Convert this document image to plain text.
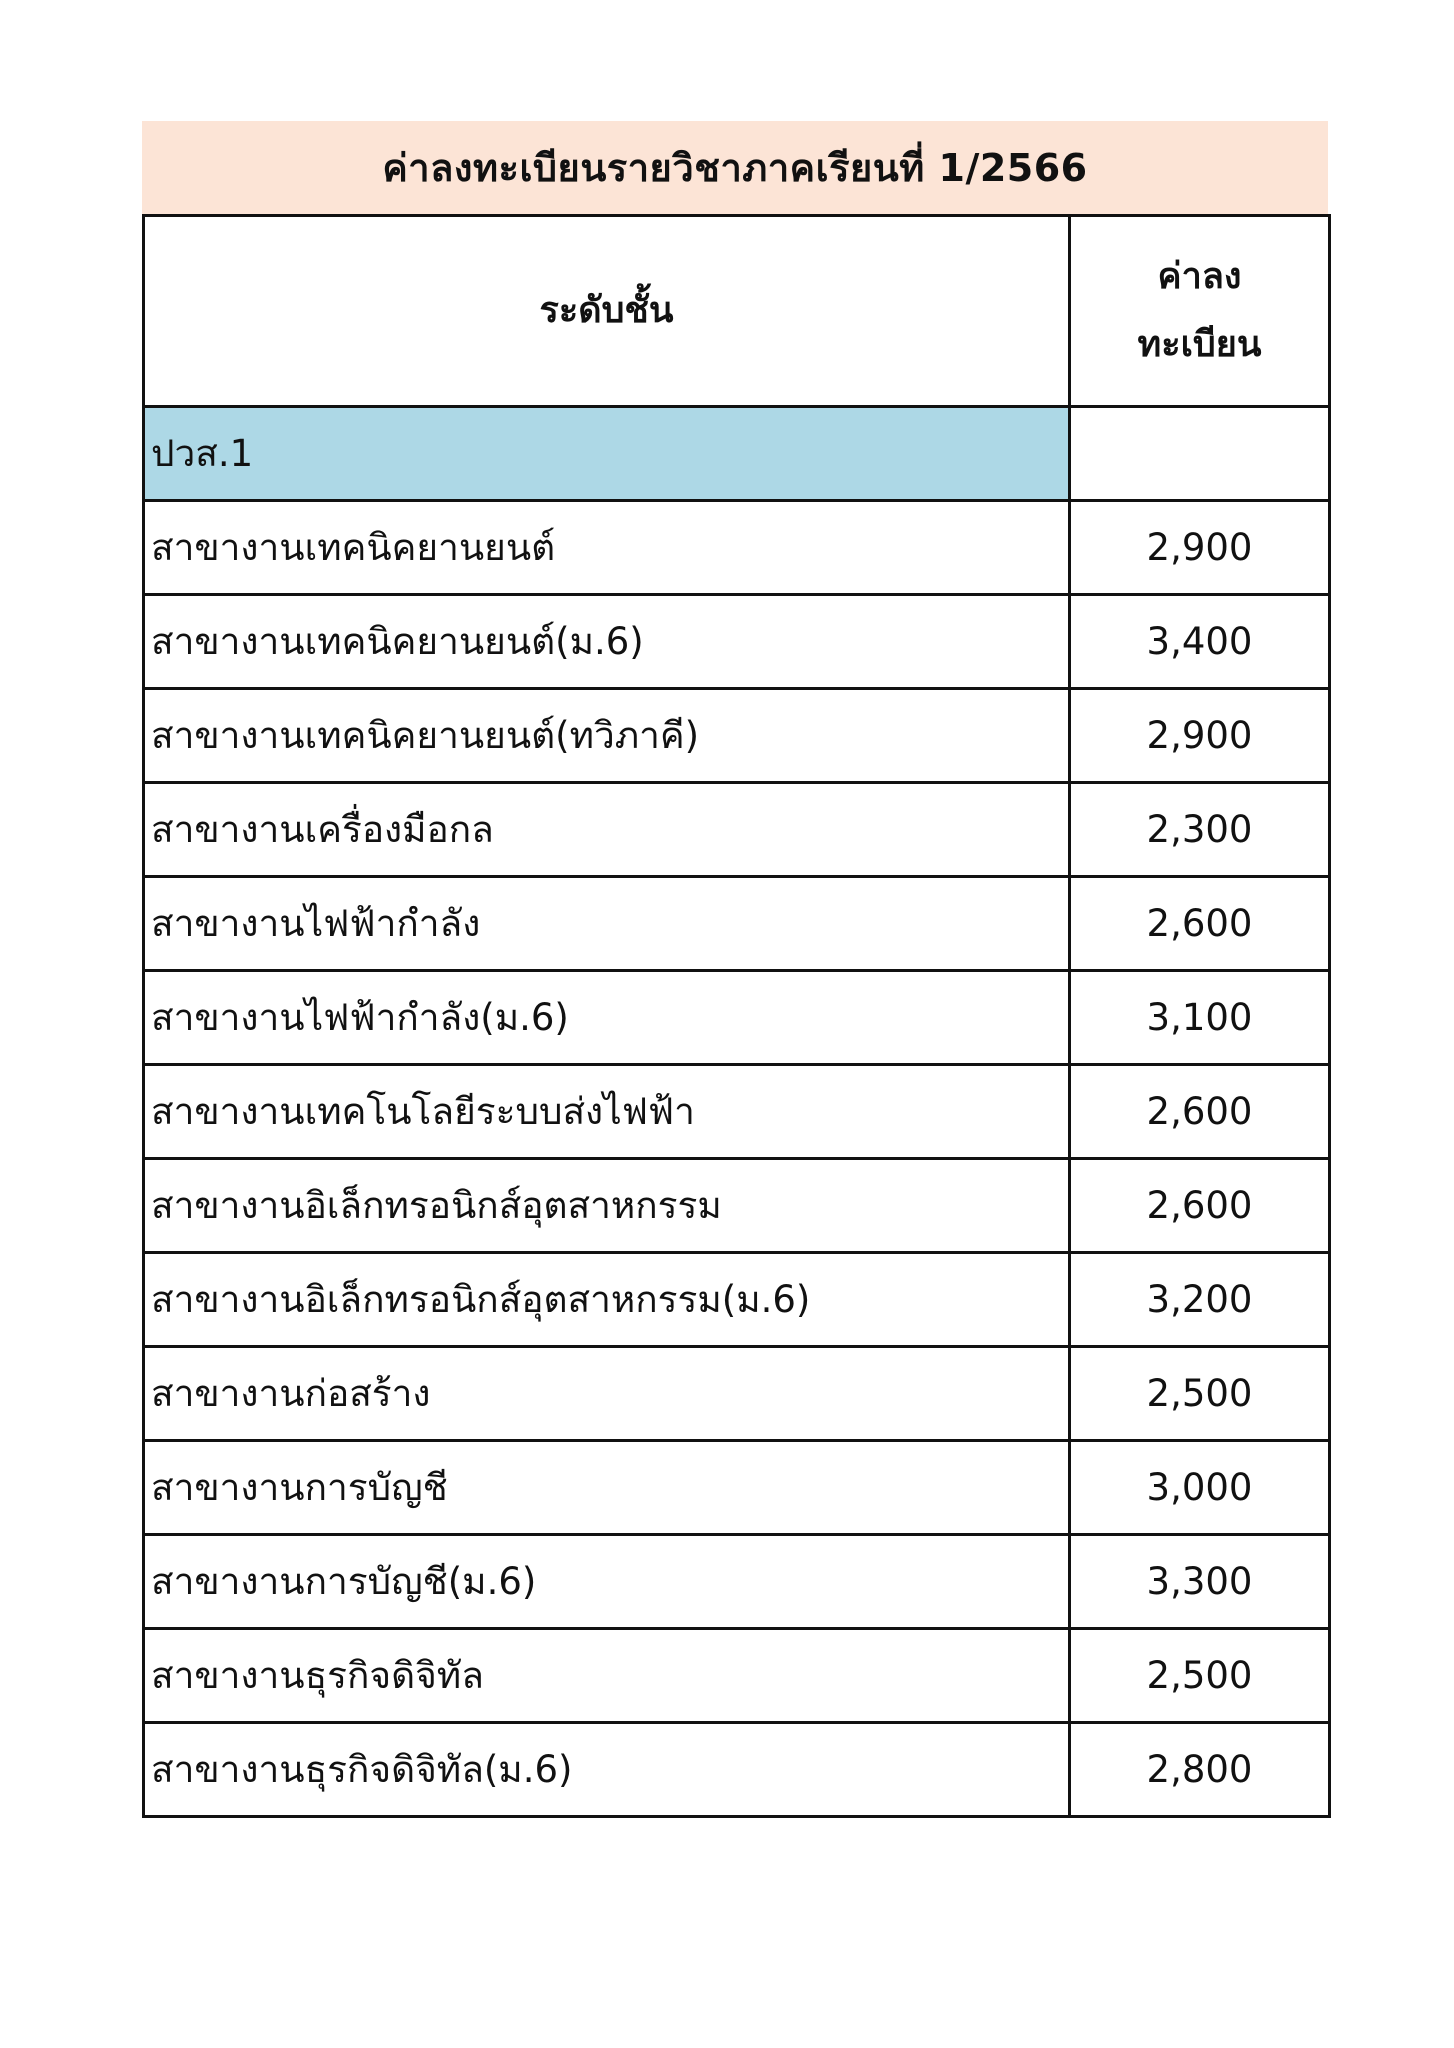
ค่าลงทะเบียนรายวิชาภาคเรียนที่ 1/2566
ระดับชั้น	ค่าลง
ทะเบียน

ปวส.1	
สาขางานเทคนิคยานยนต์	2,900
สาขางานเทคนิคยานยนต์(ม.6)	3,400
สาขางานเทคนิคยานยนต์(ทวิภาคี)	2,900
สาขางานเครื่องมือกล	2,300
สาขางานไฟฟ้ากำลัง	2,600
สาขางานไฟฟ้ากำลัง(ม.6)	3,100
สาขางานเทคโนโลยีระบบส่งไฟฟ้า	2,600
สาขางานอิเล็กทรอนิกส์อุตสาหกรรม	2,600
สาขางานอิเล็กทรอนิกส์อุตสาหกรรม(ม.6)	3,200
สาขางานก่อสร้าง	2,500
สาขางานการบัญชี	3,000
สาขางานการบัญชี(ม.6)	3,300
สาขางานธุรกิจดิจิทัล	2,500
สาขางานธุรกิจดิจิทัล(ม.6)	2,800
